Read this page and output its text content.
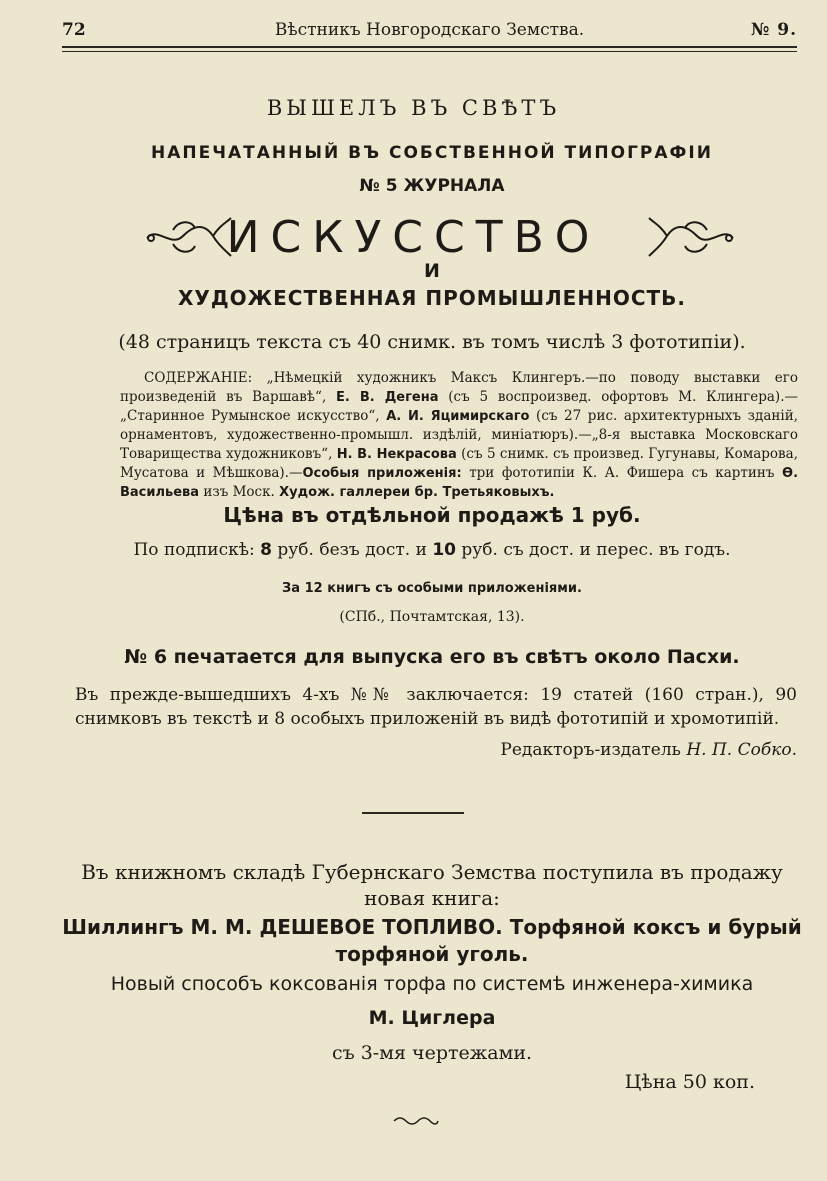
72	Вѣстникъ Новгородскаго Земства.	№ 9.
ВЫШЕЛЪ ВЪ СВѢТЪ
НАПЕЧАТАННЫЙ ВЪ СОБСТВЕННОЙ ТИПОГРАФІИ
№ 5 ЖУРНАЛА
ИСКУССТВО
И
ХУДОЖЕСТВЕННАЯ ПРОМЫШЛЕННОСТЬ.
(48 страницъ текста съ 40 снимк. въ томъ числѣ 3 фототипіи).
СОДЕРЖАНІЕ: „Нѣмецкій художникъ Максъ Клингеръ.—по поводу выставки его произведеній въ Варшавѣ“, Е. В. Дегена (съ 5 воспроизвед. офортовъ М. Клингера).—„Старинное Румынское искусство“, А. И. Яцимирскаго (съ 27 рис. архитектурныхъ зданій, орнаментовъ, художественно-промышл. издѣлій, миніатюръ).—„8-я выставка Московскаго Товарищества художниковъ“, Н. В. Некрасова (съ 5 снимк. съ произвед. Гугунавы, Комарова, Мусатова и Мѣшкова).—Особыя приложенія: три фототипіи К. А. Фишера съ картинъ Ѳ. Васильева изъ Моск. Худож. галлереи бр. Третьяковыхъ.
Цѣна въ отдѣльной продажѣ 1 руб.
По подпискѣ: 8 руб. безъ дост. и 10 руб. съ дост. и перес. въ годъ.
За 12 книгъ съ особыми приложеніями.
(СПб., Почтамтская, 13).
№ 6 печатается для выпуска его въ свѣтъ около Пасхи.
Въ прежде-вышедшихъ 4-хъ №№ заключается: 19 статей (160 стран.), 90 снимковъ въ текстѣ и 8 особыхъ приложеній въ видѣ фототипій и хромотипій.
Редакторъ-издатель Н. П. Собко.
Въ книжномъ складѣ Губернскаго Земства поступила въ продажу
новая книга:
Шиллингъ М. М. ДЕШЕВОЕ ТОПЛИВО. Торфяной коксъ и бурый
торфяной уголь.
Новый способъ коксованія торфа по системѣ инженера-химика
М. Циглера
съ 3-мя чертежами.
Цѣна 50 коп.
